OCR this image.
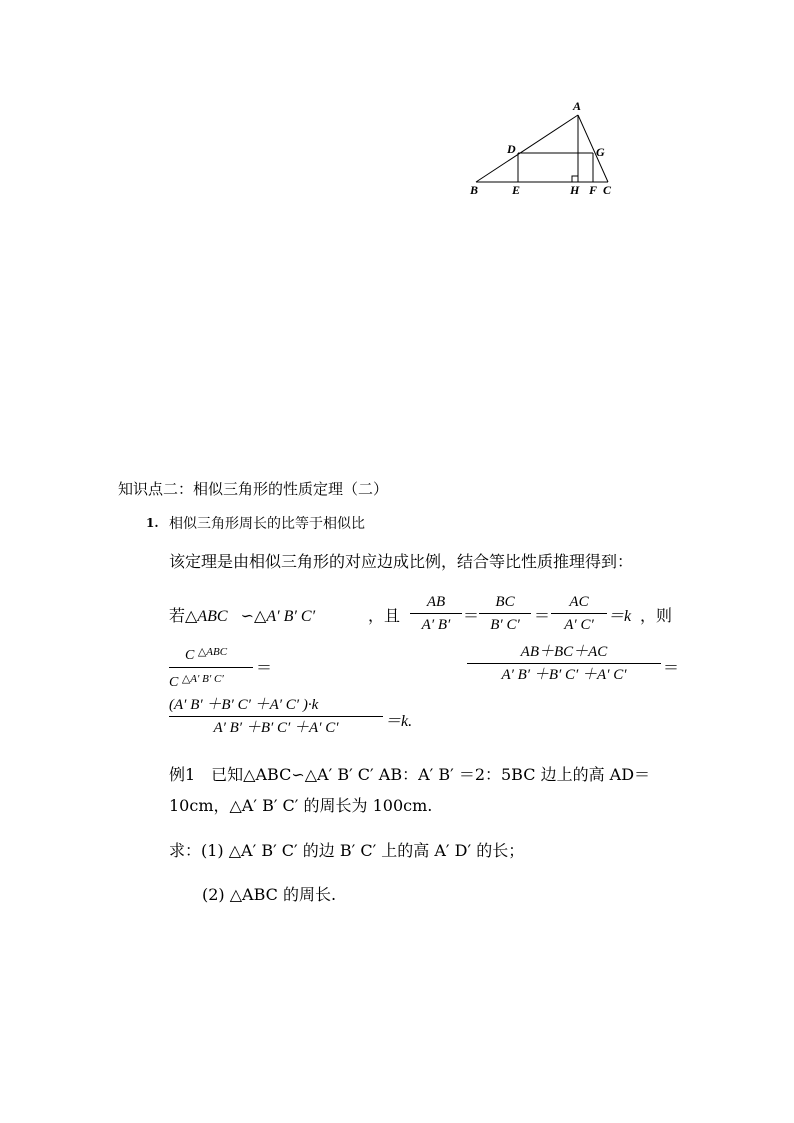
A
B	C
D
E	F
G
H
知识点二：相似三角形的性质定理（二）
1. 相似三角形周长的比等于相似比
该定理是由相似三角形的对应边成比例，结合等比性质推理得到：
若△ABC ∽△A′ B′ C′	，且
AB
A′ B′ ＝
BC
B′ C′ ＝
AC
A′ C′ ＝k ，则
C $^{\triangle ABC}$
C $^{\triangle A' B' C'}$
＝
AB＋BC＋AC
A′ B′ ＋B′ C′ ＋A′ C′	＝
(A′ B′ ＋B′ C′ ＋A′ C′ )·k
A′ B′ ＋B′ C′ ＋A′ C′	＝k.
例1　已知△ABC∽△A′ B′ C′ AB：A′ B′ ＝2：5BC 边上的高 AD＝
10cm，△A′ B′ C′ 的周长为 100cm.
求：(1) △A′ B′ C′ 的边 B′ C′ 上的高 A′ D′ 的长；
(2) △ABC 的周长.
